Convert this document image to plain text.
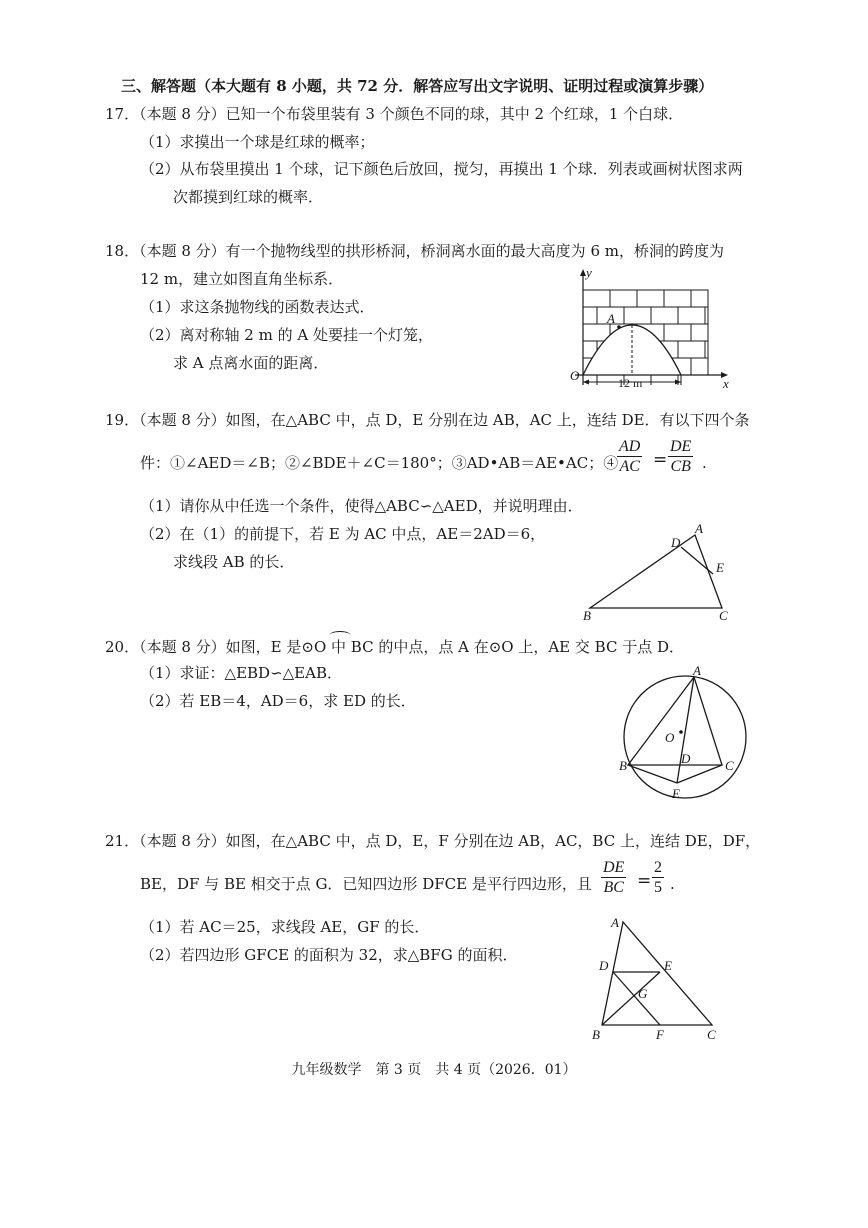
三、解答题（本大题有 8 小题，共 72 分．解答应写出文字说明、证明过程或演算步骤）
17．（本题 8 分）已知一个布袋里装有 3 个颜色不同的球，其中 2 个红球，1 个白球．
（1）求摸出一个球是红球的概率；
（2）从布袋里摸出 1 个球，记下颜色后放回，搅匀，再摸出 1 个球．列表或画树状图求两
次都摸到红球的概率．
18．（本题 8 分）有一个抛物线型的拱形桥洞，桥洞离水面的最大高度为 6 m，桥洞的跨度为
12 m，建立如图直角坐标系．
（1）求这条抛物线的函数表达式．
（2）离对称轴 2 m 的 A 处要挂一个灯笼，
求 A 点离水面的距离．
y
x
O
A
12 m
19．（本题 8 分）如图，在△ABC 中，点 D，E 分别在边 AB，AC 上，连结 DE．有以下四个条
件：①∠AED＝∠B；②∠BDE＋∠C＝180°；③AD•AB＝AE•AC；④
AD
AC =
DE
CB .
（1）请你从中任选一个条件，使得△ABC∽△AED，并说明理由．
（2）在（1）的前提下，若 E 为 AC 中点，AE＝2AD＝6，
求线段 AB 的长．
A
B	C
D
E
20．（本题 8 分）如图，E 是⊙O 中 BC 的中点，点 A 在⊙O 上，AE 交 BC 于点 D．
（1）求证：△EBD∽△EAB．
（2）若 EB＝4，AD＝6，求 ED 的长．
A
B	C
D
E
O
21．（本题 8 分）如图，在△ABC 中，点 D，E，F 分别在边 AB，AC，BC 上，连结 DE，DF，
BE，DF 与 BE 相交于点 G．已知四边形 DFCE 是平行四边形，且
DE
BC =
2
5 .
（1）若 AC＝25，求线段 AE，GF 的长．
（2）若四边形 GFCE 的面积为 32，求△BFG 的面积．
A
B	C
D	E
F
G
九年级数学　第 3 页　共 4 页（2026．01）
